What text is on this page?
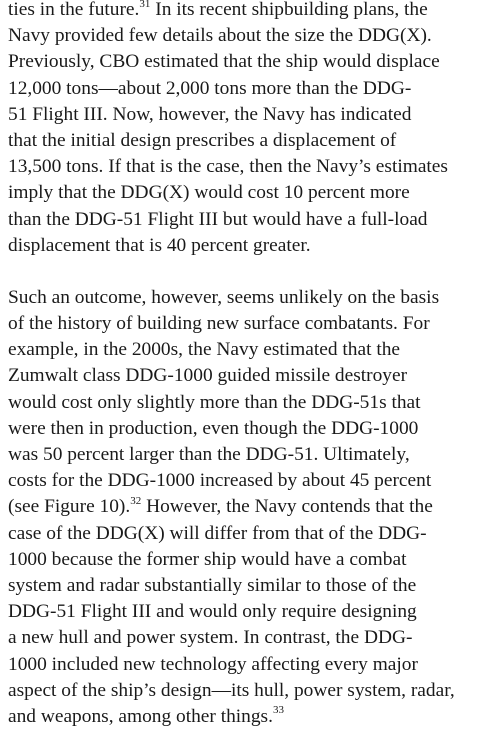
ties in the future.$^{31}$ In its recent shipbuilding plans, the
Navy provided few details about the size the DDG(X).
Previously, CBO estimated that the ship would displace
12,000 tons—about 2,000 tons more than the DDG-
51 Flight III. Now, however, the Navy has indicated
that the initial design prescribes a displacement of
13,500 tons. If that is the case, then the Navy’s estimates
imply that the DDG(X) would cost 10 percent more
than the DDG-51 Flight III but would have a full-load
displacement that is 40 percent greater.
Such an outcome, however, seems unlikely on the basis
of the history of building new surface combatants. For
example, in the 2000s, the Navy estimated that the
Zumwalt class DDG-1000 guided missile destroyer
would cost only slightly more than the DDG-51s that
were then in production, even though the DDG-1000
was 50 percent larger than the DDG-51. Ultimately,
costs for the DDG-1000 increased by about 45 percent
(see Figure 10).$^{32}$ However, the Navy contends that the
case of the DDG(X) will differ from that of the DDG-
1000 because the former ship would have a combat
system and radar substantially similar to those of the
DDG-51 Flight III and would only require designing
a new hull and power system. In contrast, the DDG-
1000 included new technology affecting every major
aspect of the ship’s design—its hull, power system, radar,
and weapons, among other things.$^{33}$
